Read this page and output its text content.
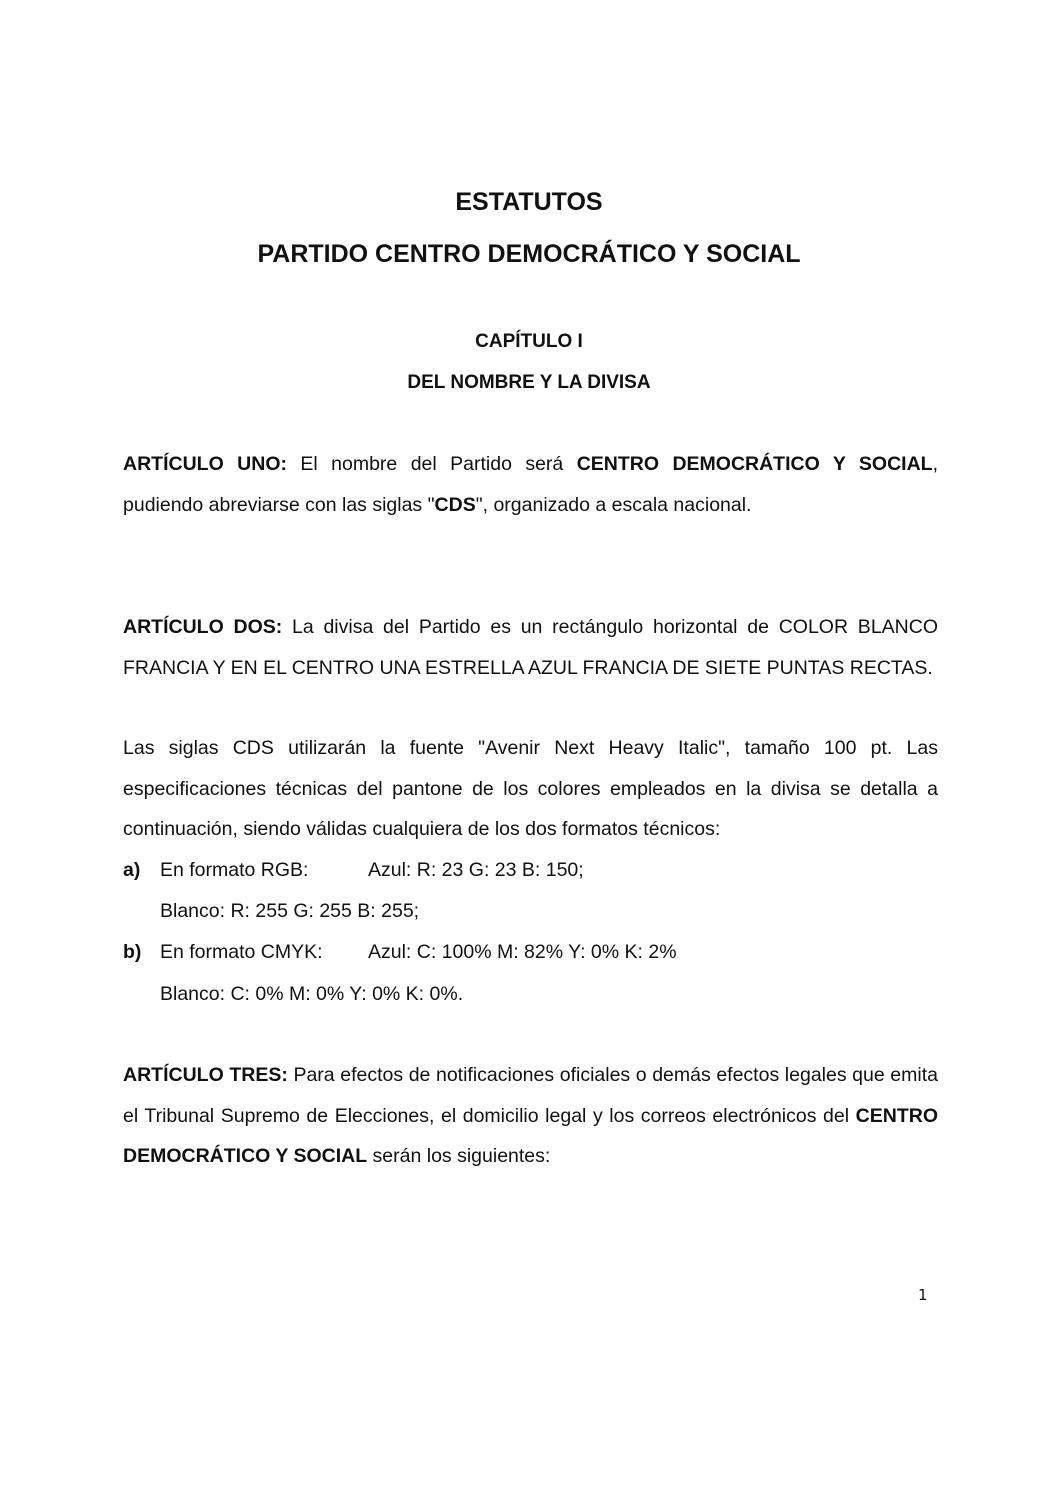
ESTATUTOS
PARTIDO CENTRO DEMOCRÁTICO Y SOCIAL
CAPÍTULO I
DEL NOMBRE Y LA DIVISA

ARTÍCULO UNO: El nombre del Partido será CENTRO DEMOCRÁTICO Y SOCIAL, pudiendo abreviarse con las siglas "CDS", organizado a escala nacional.

ARTÍCULO DOS: La divisa del Partido es un rectángulo horizontal de COLOR BLANCO FRANCIA Y EN EL CENTRO UNA ESTRELLA AZUL FRANCIA DE SIETE PUNTAS RECTAS.

Las siglas CDS utilizarán la fuente "Avenir Next Heavy Italic", tamaño 100 pt. Las especificaciones técnicas del pantone de los colores empleados en la divisa se detalla a continuación, siendo válidas cualquiera de los dos formatos técnicos:

a) En formato RGB:	Azul: R: 23 G: 23 B: 150;
Blanco: R: 255 G: 255 B: 255;
b) En formato CMYK: Azul: C: 100% M: 82% Y: 0% K: 2%
Blanco: C: 0% M: 0% Y: 0% K: 0%.

ARTÍCULO TRES: Para efectos de notificaciones oficiales o demás efectos legales que emita el Tribunal Supremo de Elecciones, el domicilio legal y los correos electrónicos del CENTRO DEMOCRÁTICO Y SOCIAL serán los siguientes:

1
